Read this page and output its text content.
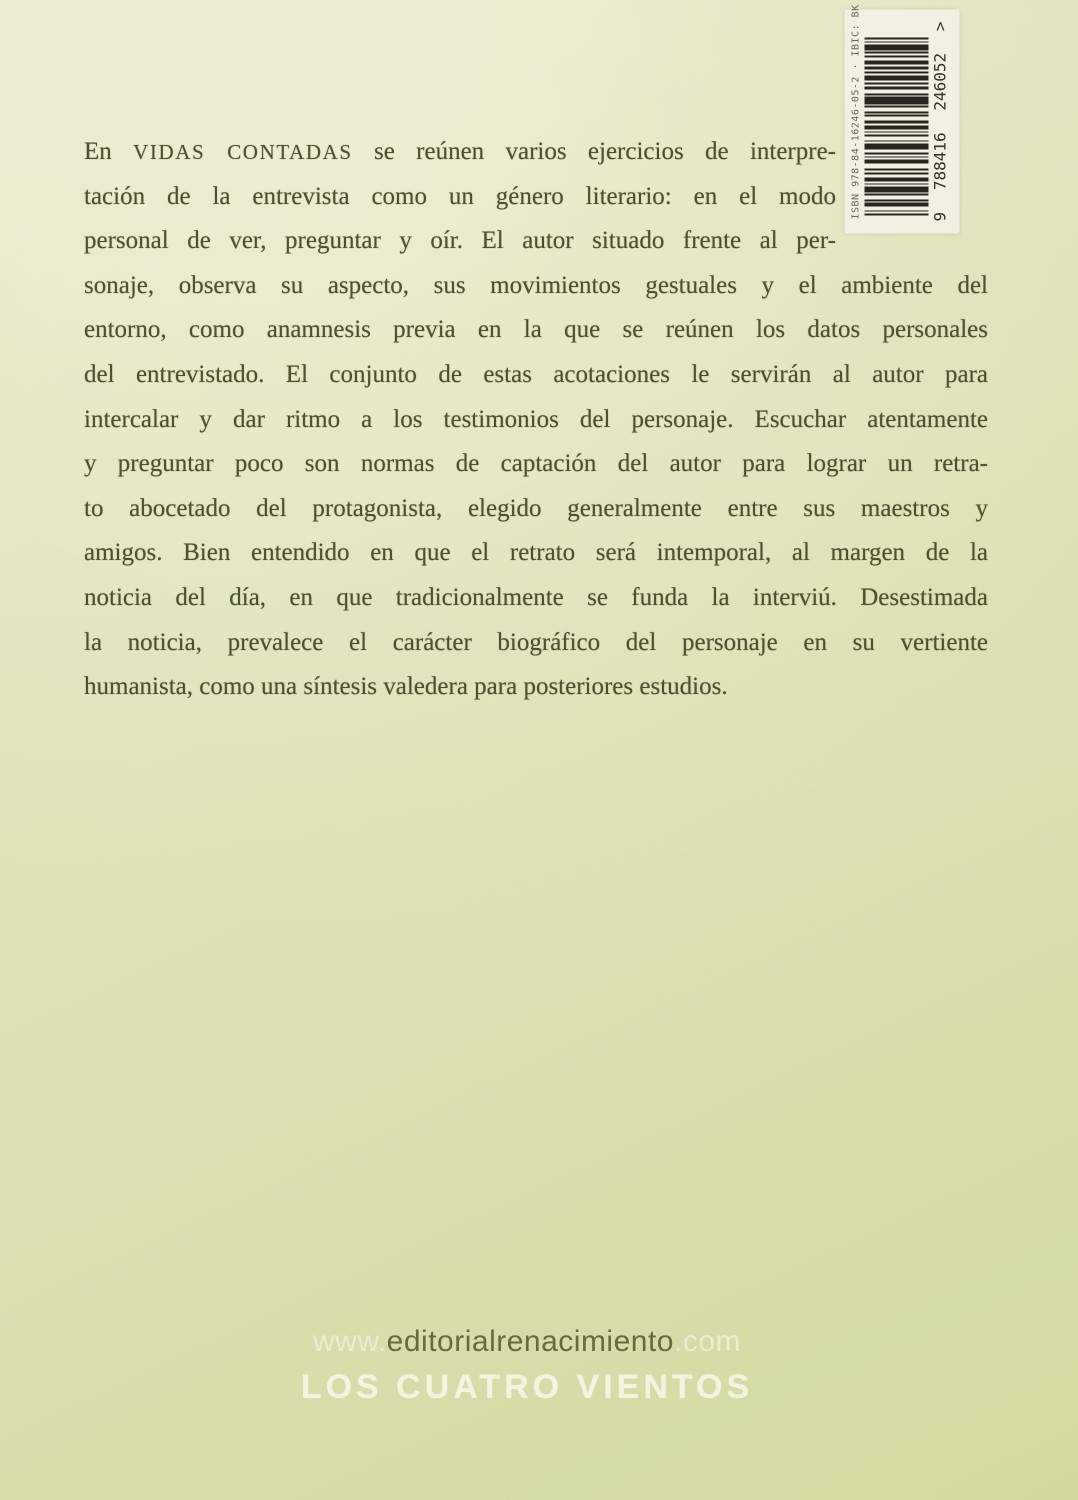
En VIDAS CONTADAS se reúnen varios ejercicios de interpre-
tación de la entrevista como un género literario: en el modo
personal de ver, preguntar y oír. El autor situado frente al per-
sonaje, observa su aspecto, sus movimientos gestuales y el ambiente del
entorno, como anamnesis previa en la que se reúnen los datos personales
del entrevistado. El conjunto de estas acotaciones le servirán al autor para
intercalar y dar ritmo a los testimonios del personaje. Escuchar atentamente
y preguntar poco son normas de captación del autor para lograr un retra-
to abocetado del protagonista, elegido generalmente entre sus maestros y
amigos. Bien entendido en que el retrato será intemporal, al margen de la
noticia del día, en que tradicionalmente se funda la interviú. Desestimada
la noticia, prevalece el carácter biográfico del personaje en su vertiente
humanista, como una síntesis valedera para posteriores estudios.
ISBN 978-84-16246-05-2 · IBIC: BK	9
788416
246052
>
www.editorialrenacimiento.com
LOS CUATRO VIENTOS
